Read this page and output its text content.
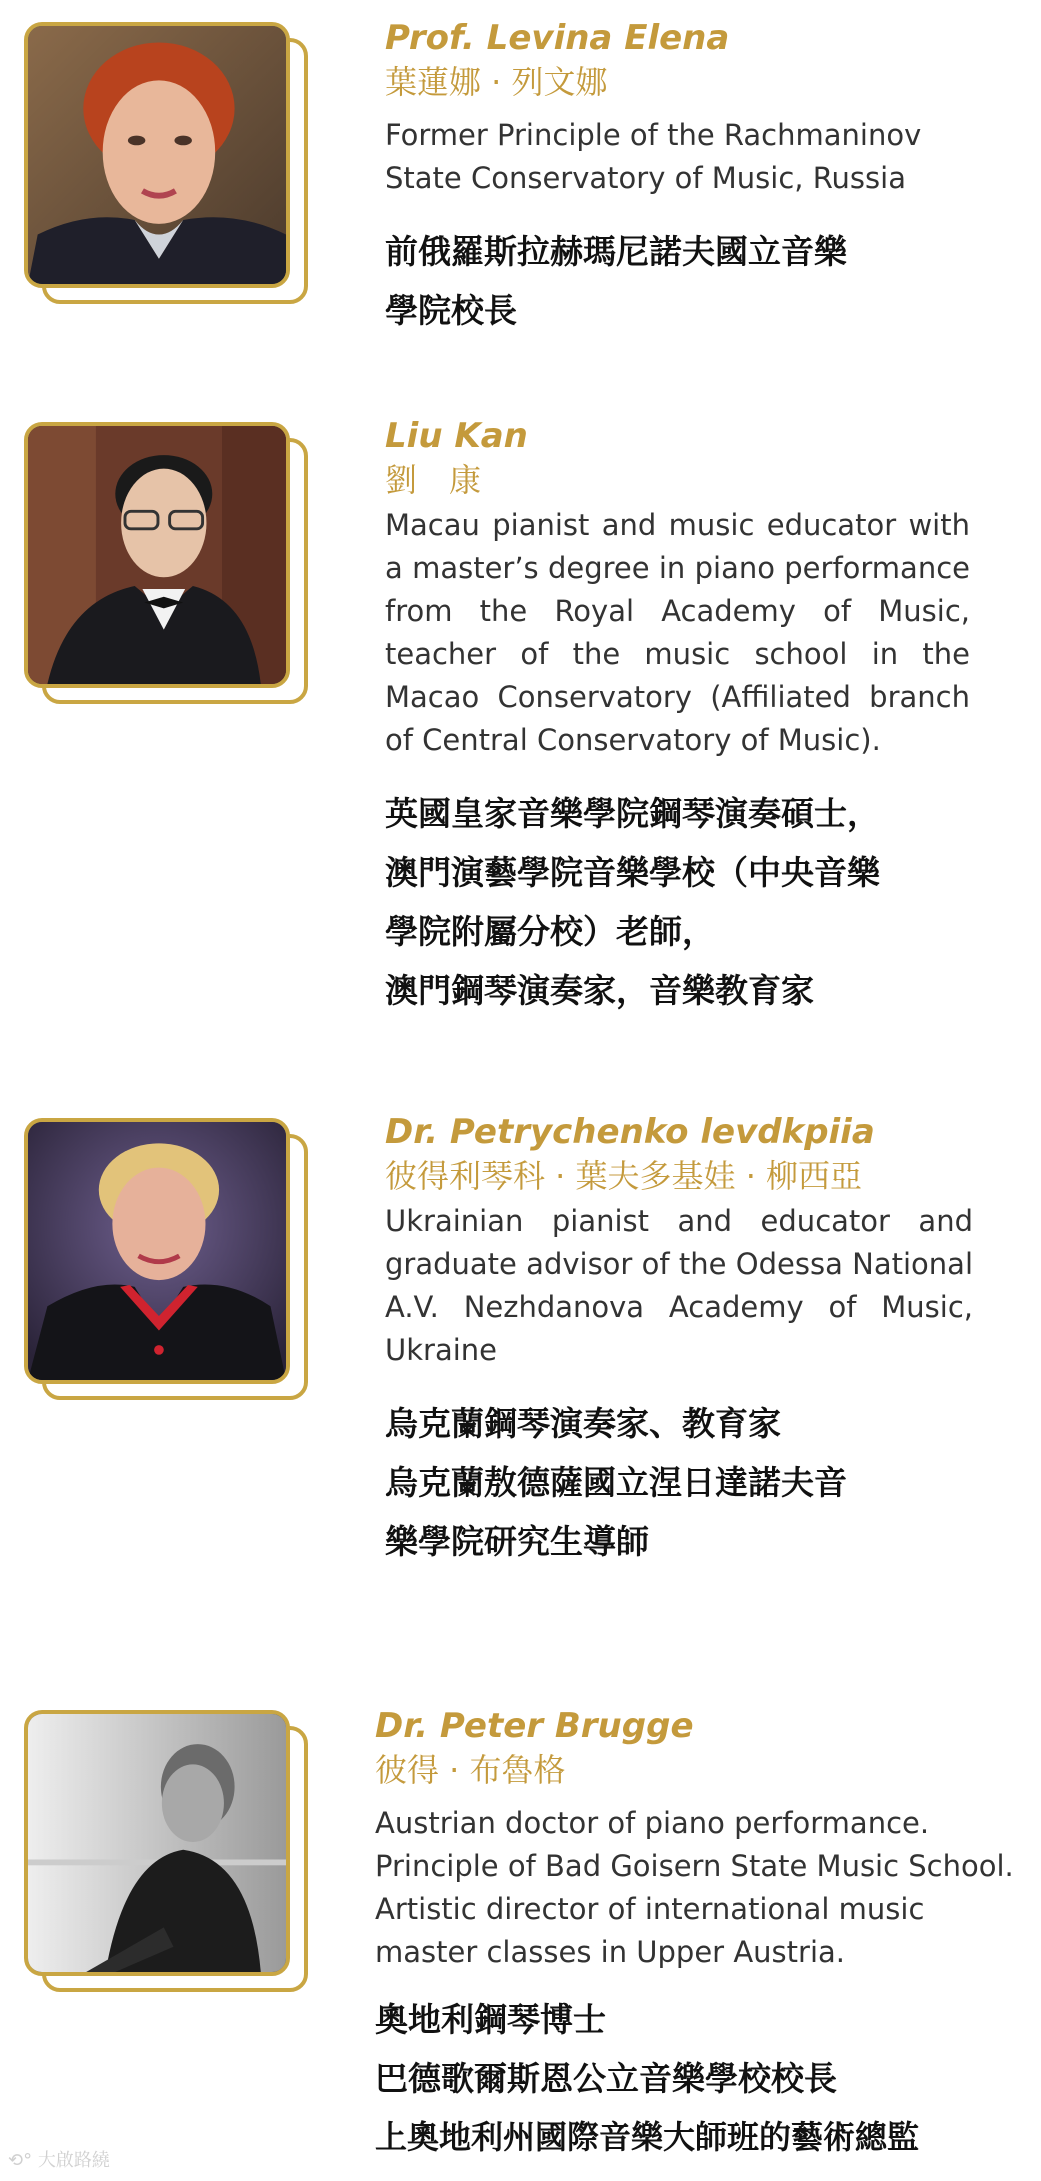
Prof. Levina Elena

葉蓮娜 · 列文娜

Former Principle of the Rachmaninov

State Conservatory of Music, Russia

前俄羅斯拉赫瑪尼諾夫國立音樂

學院校長

Liu Kan

劉　康

Macau pianist and music educator with a master’s degree in piano performance from the Royal Academy of Music, teacher of the music school in the Macao Conservatory (Affiliated branch of Central Conservatory of Music).

英國皇家音樂學院鋼琴演奏碩士，

澳門演藝學院音樂學校（中央音樂

學院附屬分校）老師，

澳門鋼琴演奏家，音樂教育家

Dr. Petrychenko levdkpiia

彼得利琴科 · 葉夫多基娃 · 柳西亞

Ukrainian pianist and educator and graduate advisor of the Odessa National A.V. Nezhdanova Academy of Music, Ukraine

烏克蘭鋼琴演奏家、教育家

烏克蘭敖德薩國立涅日達諾夫音

樂學院研究生導師

Dr. Peter Brugge

彼得 · 布魯格

Austrian doctor of piano performance.

Principle of Bad Goisern State Music School.

Artistic director of international music

master classes in Upper Austria.

奧地利鋼琴博士

巴德歌爾斯恩公立音樂學校校長

上奧地利州國際音樂大師班的藝術總監

⟲° 大啟路繞
